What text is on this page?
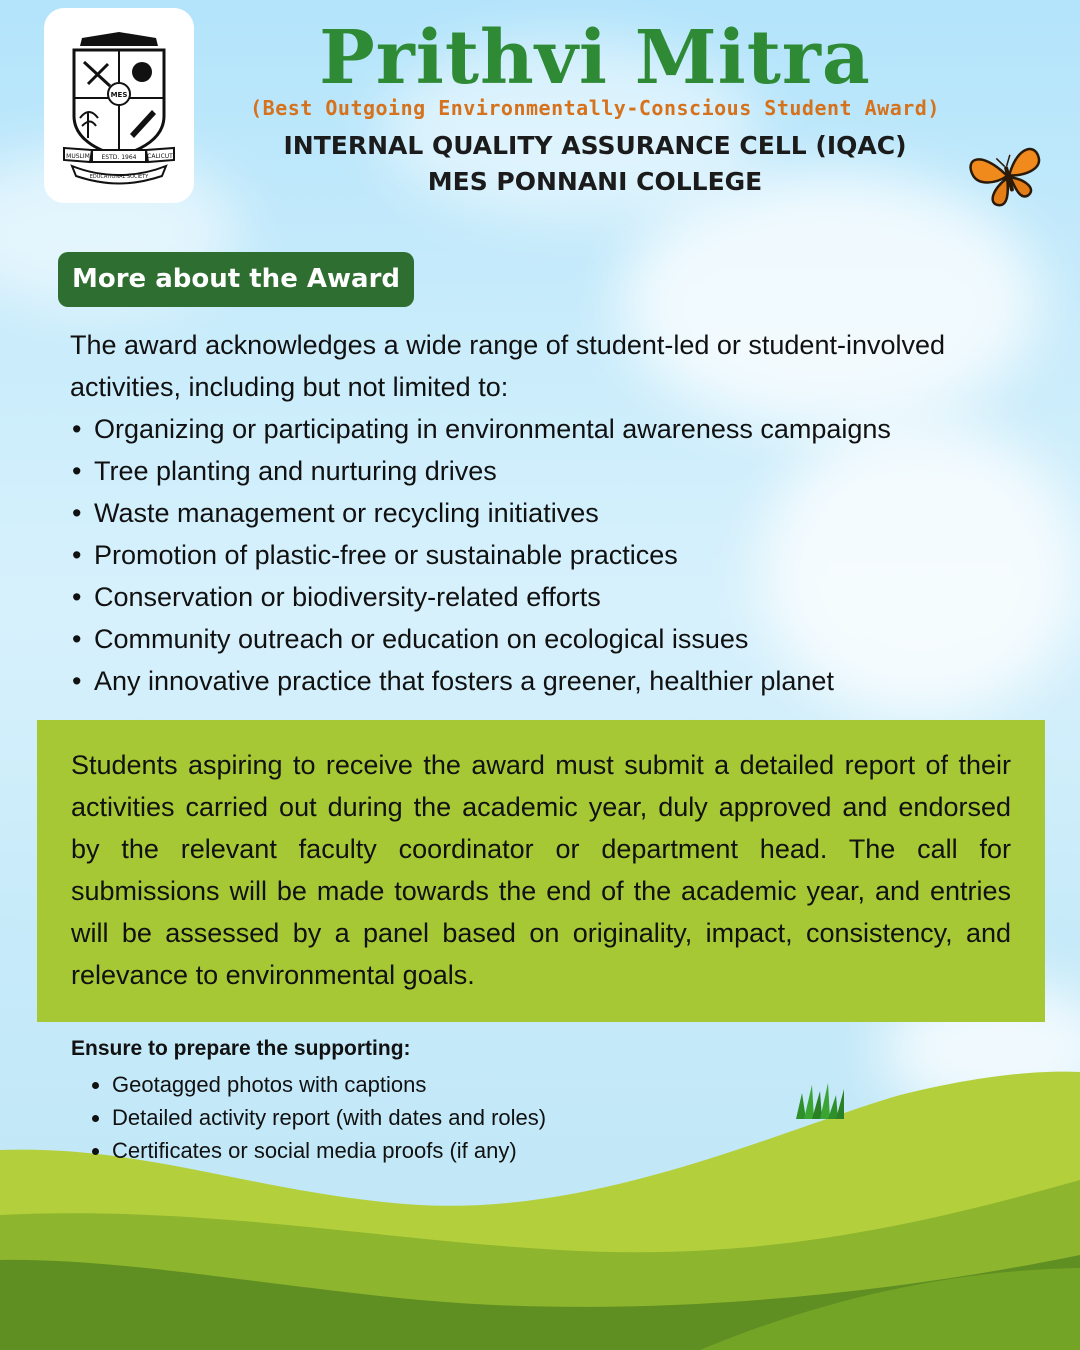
MES
MUSLIM	CALICUT
ESTD. 1964
EDUCATIONAL SOCIETY
Prithvi Mitra
(Best Outgoing Environmentally-Conscious Student Award)
INTERNAL QUALITY ASSURANCE CELL (IQAC)
MES PONNANI COLLEGE
More about the Award
The award acknowledges a wide range of student-led or student-involved activities, including but not limited to:
• Organizing or participating in environmental awareness campaigns
• Tree planting and nurturing drives
• Waste management or recycling initiatives
• Promotion of plastic-free or sustainable practices
• Conservation or biodiversity-related efforts
• Community outreach or education on ecological issues
• Any innovative practice that fosters a greener, healthier planet

Students aspiring to receive the award must submit a detailed report of their activities carried out during the academic year, duly approved and endorsed by the relevant faculty coordinator or department head. The call for submissions will be made towards the end of the academic year, and entries will be assessed by a panel based on originality, impact, consistency, and relevance to environmental goals.

Ensure to prepare the supporting:
• Geotagged photos with captions
• Detailed activity report (with dates and roles)
• Certificates or social media proofs (if any)
